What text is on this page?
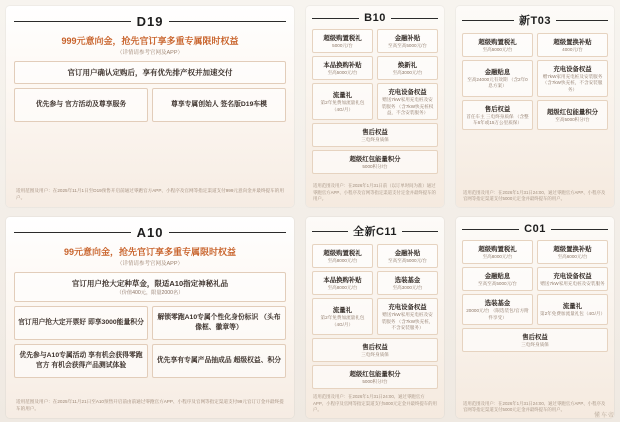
D19
999元意向金，抢先官订享多重专属限时权益
（详情请参考官网及APP）
官订用户确认定购后，享有优先排产权并加速交付
优先参与 官方活动及尊享服务	尊享专属创始人 签名版D19车模
适用范围及用户：在2025年11月1日至D19预售开启前通过零跑官方APP、小程序及官网等指定渠道支付999元意向金并最终提车的用户。
B10
超级购置税礼
5000元/台
金融补贴
至高至高5000元/台
本品换购补贴
至高5000元/台
焕新礼
至高3000元/台
流量礼
第2年免费加流量礼包 （4G/月）
充电设备权益
赠送7kW家用充电桩及安装服务 （含7kW快充桩权益，不含安装服务）
售后权益
三电终身质保
超级红包能量积分
5000积分/台
适用范围及用户：在2026年1月31日前（以订单时间为准）通过零跑官方APP、小程序及官网等指定渠道支付定金并最终提车的用户。
新T03
超级购置税礼
至高5000元/台
超级置换补贴
4000元/台
金融贴息
至高24000元有效期 （含2年0息方案）
充电设备权益
赠7kW家用充电桩及安装服务 （含7kW快充桩，不含安装服务）
售后权益
首任车主 三电终身质保 （含整车6年或15万公里质保）
超级红包能量积分
至高5000积分/台
适用范围及用户：在2026年1月31日24:00、通过零跑官方APP、小程序及官网等指定渠道支付5000元定金并最终提车的用户。
A10
99元意向金，抢先官订享多重专属限时权益
（详情请参考官网及APP）
官订用户抢大定种草金，限适A10指定神秘礼品
（价值400元，限量2000名）
官订用户抢大定开票好 即享3000能量积分
解锁零跑A10专属个性化身份标识 （头布像框、徽章等）
优先参与A10专属活动 享有机会获得零跑官方 有机会获得产品测试体验
优先享有专属产品抽成品 超级权益、积分
适用范围及用户：在2025年11月21日至A10预售开启前由前通过零跑官方APP、小程序及官网等指定渠道支付99元官订订金并最终提车的用户。
全新C11
超级购置税礼
至高8000元/台
金融补贴
至高至高5000元/台
本品换购补贴
至高8000元/台
选装基金
至高3000元/台
流量礼
第2年免费加流量礼包（4G/月）
充电设备权益
赠送7kW家用充电桩及安装服务 （含7kW快充桩，不含安装服务）
售后权益
三电终身质保
超级红包能量积分
5000积分/台
适用范围及用户：在2026年1月31日24:00、通过零跑官方APP、小程序及官网等指定渠道支付5000元定金并最终提车的用户。
C01
超级购置税礼
至高8000元/台
超级置换补贴
至高6000元/台
金融贴息
至高至高5000元/台
充电设备权益
赠送7kW家用充电桩及安装服务
选装基金
20000元/台 （限选装包/官方附件享受）
流量礼
第2年免费加流量礼包（4G/月）
售后权益
三电终身质保
适用范围及用户：在2026年1月31日24:00、通过零跑官方APP、小程序及官网等指定渠道支付5000元定金并最终提车的用户。
懂车帝
